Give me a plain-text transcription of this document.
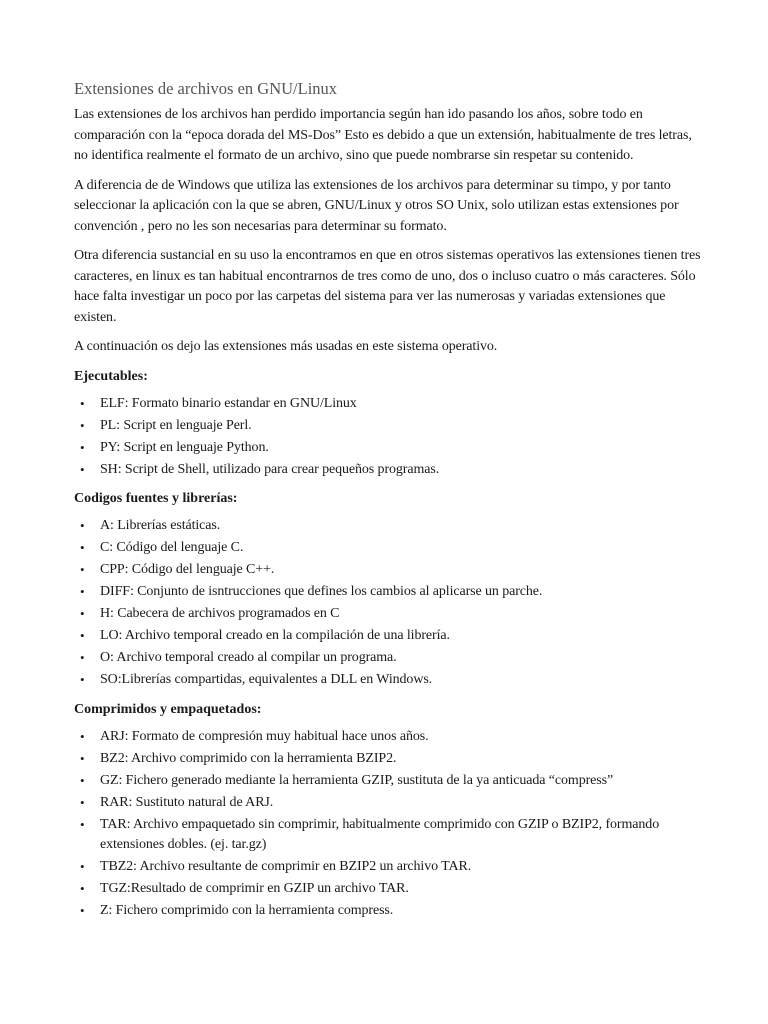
Extensiones de archivos en GNU/Linux

Las extensiones de los archivos han perdido importancia según han ido pasando los años, sobre todo en comparación con la “epoca dorada del MS-Dos” Esto es debido a que un extensión, habitualmente de tres letras, no identifica realmente el formato de un archivo, sino que puede nombrarse sin respetar su contenido.

A diferencia de de Windows que utiliza las extensiones de los archivos para determinar su timpo, y por tanto seleccionar la aplicación con la que se abren, GNU/Linux y otros SO Unix, solo utilizan estas extensiones por convención , pero no les son necesarias para determinar su formato.

Otra diferencia sustancial en su uso la encontramos en que en otros sistemas operativos las extensiones tienen tres caracteres, en linux es tan habitual encontrarnos de tres como de uno, dos o incluso cuatro o más caracteres. Sólo hace falta investigar un poco por las carpetas del sistema para ver las numerosas y variadas extensiones que existen.

A continuación os dejo las extensiones más usadas en este sistema operativo.

Ejecutables:
• ELF: Formato binario estandar en GNU/Linux
• PL: Script en lenguaje Perl.
• PY: Script en lenguaje Python.
• SH: Script de Shell, utilizado para crear pequeños programas.
Codigos fuentes y librerías:
• A: Librerías estáticas.
• C: Código del lenguaje C.
• CPP: Código del lenguaje C++.
• DIFF: Conjunto de isntrucciones que defines los cambios al aplicarse un parche.
• H: Cabecera de archivos programados en C
• LO: Archivo temporal creado en la compilación de una librería.
• O: Archivo temporal creado al compilar un programa.
• SO:Librerías compartidas, equivalentes a DLL en Windows.
Comprimidos y empaquetados:
• ARJ: Formato de compresión muy habitual hace unos años.
• BZ2: Archivo comprimido con la herramienta BZIP2.
• GZ: Fichero generado mediante la herramienta GZIP, sustituta de la ya anticuada “compress”
• RAR: Sustituto natural de ARJ.
• TAR: Archivo empaquetado sin comprimir, habitualmente comprimido con GZIP o BZIP2, formando extensiones dobles. (ej. tar.gz)
• TBZ2: Archivo resultante de comprimir en BZIP2 un archivo TAR.
• TGZ:Resultado de comprimir en GZIP un archivo TAR.
• Z: Fichero comprimido con la herramienta compress.
